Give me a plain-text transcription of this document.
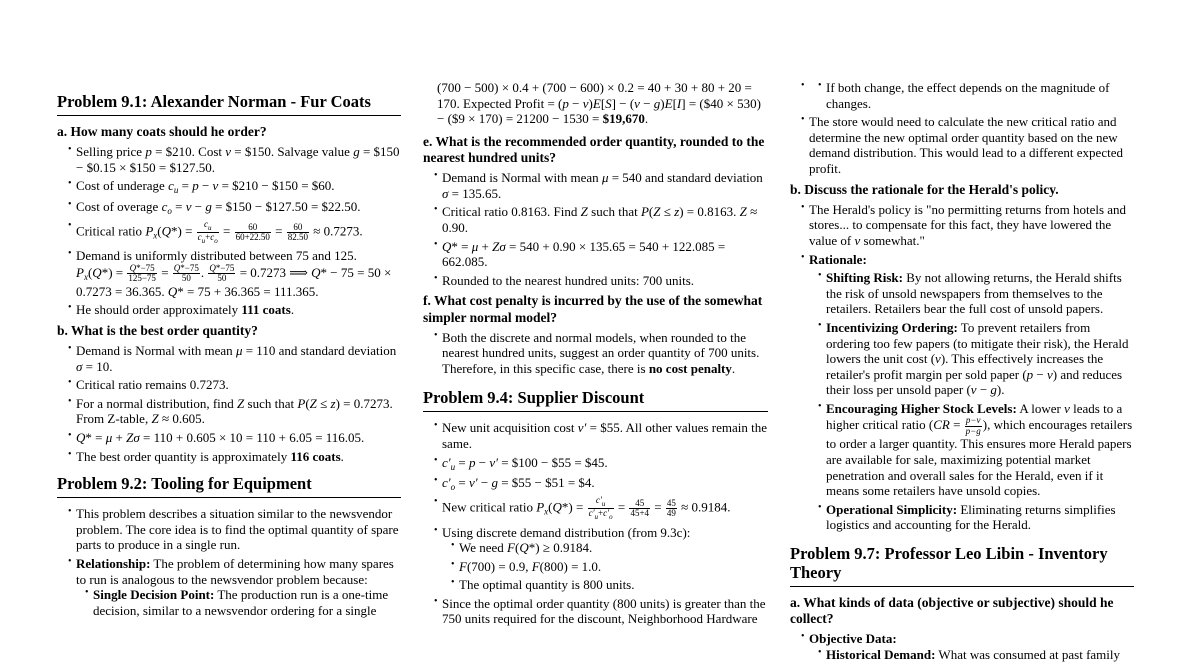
Problem 9.1: Alexander Norman - Fur Coats
a. How many coats should he order?
• Selling price p = $210. Cost v = $150. Salvage value g = $150 − $0.15 × $150 = $127.50.
• Cost of underage $c_u = p - v$ = $210 − $150 = $60.
• Cost of overage $c_o = v - g$ = $150 − $127.50 = $22.50.
• Critical ratio $P_x(Q*) = \frac{c_u}{c_u+c_o} = \frac{60}{60+22.50} = \frac{60}{82.50} \approx 0.7273$.
• Demand is uniformly distributed between 75 and 125.
$P_x(Q*) = \frac{Q*-75}{125-75} = \frac{Q*-75}{50}$ . $\frac{Q*-75}{50} = 0.7273$ ⟹ Q* − 75 = 50 × 0.7273 = 36.365. Q* = 75 + 36.365 = 111.365.
• He should order approximately 111 coats.
b. What is the best order quantity?
• Demand is Normal with mean μ = 110 and standard deviation σ = 10.
• Critical ratio remains 0.7273.
• For a normal distribution, find Z such that P(Z ≤ z) = 0.7273. From Z-table, Z ≈ 0.605.
• Q* = μ + Zσ = 110 + 0.605 × 10 = 110 + 6.05 = 116.05.
• The best order quantity is approximately 116 coats.
Problem 9.2: Tooling for Equipment
• This problem describes a situation similar to the newsvendor problem. The core idea is to find the optimal quantity of spare parts to produce in a single run.
• Relationship: The problem of determining how many spares to run is analogous to the newsvendor problem because:
• Single Decision Point: The production run is a one-time decision, similar to a newsvendor ordering for a single
(700 − 500) × 0.4 + (700 − 600) × 0.2 = 40 + 30 + 80 + 20 = 170. Expected Profit = (p − v)E[S] − (v − g)E[I] = ($40 × 530) − ($9 × 170) = 21200 − 1530 = $19,670.
e. What is the recommended order quantity, rounded to the nearest hundred units?
• Demand is Normal with mean μ = 540 and standard deviation σ = 135.65.
• Critical ratio 0.8163. Find Z such that P(Z ≤ z) = 0.8163. Z ≈ 0.90.
• Q* = μ + Zσ = 540 + 0.90 × 135.65 = 540 + 122.085 = 662.085.
• Rounded to the nearest hundred units: 700 units.
f. What cost penalty is incurred by the use of the somewhat simpler normal model?
• Both the discrete and normal models, when rounded to the nearest hundred units, suggest an order quantity of 700 units. Therefore, in this specific case, there is no cost penalty.
Problem 9.4: Supplier Discount
• New unit acquisition cost v′ = $55. All other values remain the same.
• $c'_u = p - v'$ = $100 − $55 = $45.
• $c'_o = v' - g$ = $55 − $51 = $4.
• New critical ratio $P_x(Q*) = \frac{c'_u}{c'_u+c'_o} = \frac{45}{45+4} = \frac{45}{49} \approx 0.9184$.
• Using discrete demand distribution (from 9.3c):
• We need F(Q*) ≥ 0.9184.
• F(700) = 0.9, F(800) = 1.0.
• The optimal quantity is 800 units.
• Since the optimal order quantity (800 units) is greater than the 750 units required for the discount, Neighborhood Hardware
• • If both change, the effect depends on the magnitude of changes.
• The store would need to calculate the new critical ratio and determine the new optimal order quantity based on the new demand distribution. This would lead to a different expected profit.
b. Discuss the rationale for the Herald's policy.
• The Herald's policy is "no permitting returns from hotels and stores... to compensate for this fact, they have lowered the value of v somewhat."
• Rationale:
• Shifting Risk: By not allowing returns, the Herald shifts the risk of unsold newspapers from themselves to the retailers. Retailers bear the full cost of unsold papers.
• Incentivizing Ordering: To prevent retailers from ordering too few papers (to mitigate their risk), the Herald lowers the unit cost (v). This effectively increases the retailer's profit margin per sold paper (p − v) and reduces their loss per unsold paper (v − g).
• Encouraging Higher Stock Levels: A lower v leads to a higher critical ratio ($CR = \frac{p-v}{p-g}$ ), which encourages retailers to order a larger quantity. This ensures more Herald papers are available for sale, maximizing potential market penetration and overall sales for the Herald, even if it means some retailers have unsold copies.
• Operational Simplicity: Eliminating returns simplifies logistics and accounting for the Herald.
Problem 9.7: Professor Leo Libin - Inventory Theory
a. What kinds of data (objective or subjective) should he collect?
• Objective Data:
• Historical Demand: What was consumed at past family
